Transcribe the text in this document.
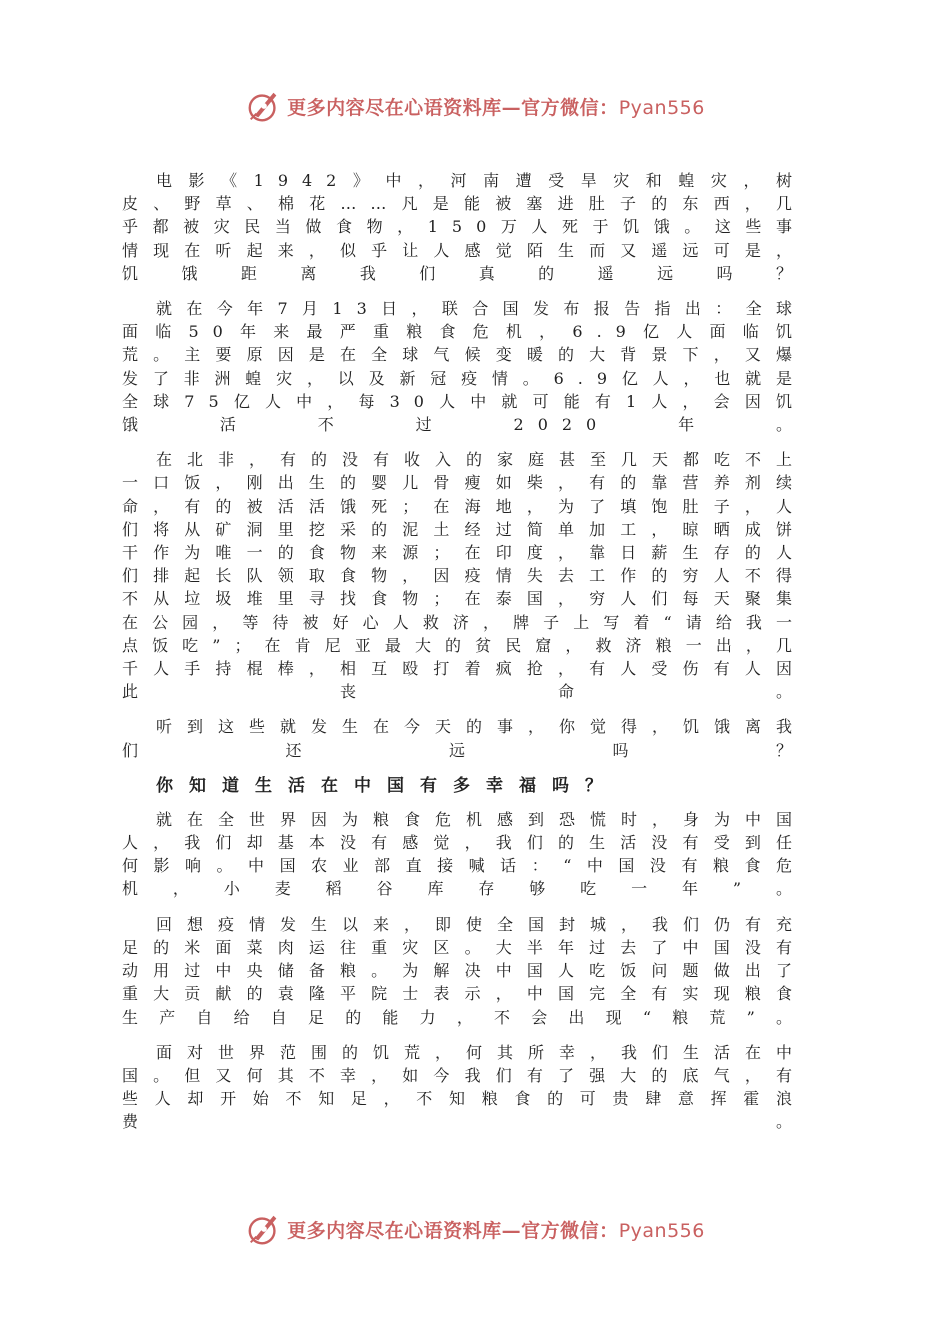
更多内容尽在心语资料库—官方微信：Pyan556

电影《1942》中，河南遭受旱灾和蝗灾，树皮、野草、棉花……凡是能被塞进肚子的东西，几乎都被灾民当做食物，150万人死于饥饿。这些事情现在听起来，似乎让人感觉陌生而又遥远可是，饥饿距离我们真的遥远吗？

就在今年7月13日，联合国发布报告指出：全球面临50年来最严重粮食危机，6.9亿人面临饥荒。主要原因是在全球气候变暖的大背景下，又爆发了非洲蝗灾，以及新冠疫情。6.9亿人，也就是全球75亿人中，每30人中就可能有1人，会因饥饿活不过2020年。

在北非，有的没有收入的家庭甚至几天都吃不上一口饭，刚出生的婴儿骨瘦如柴，有的靠营养剂续命，有的被活活饿死；在海地，为了填饱肚子，人们将从矿洞里挖采的泥土经过简单加工，晾晒成饼干作为唯一的食物来源；在印度，靠日薪生存的人们排起长队领取食物，因疫情失去工作的穷人不得不从垃圾堆里寻找食物；在泰国，穷人们每天聚集在公园，等待被好心人救济，牌子上写着“请给我一点饭吃”；在肯尼亚最大的贫民窟，救济粮一出，几千人手持棍棒，相互殴打着疯抢，有人受伤有人因此丧命。

听到这些就发生在今天的事，你觉得，饥饿离我们还远吗？

你知道生活在中国有多幸福吗？

就在全世界因为粮食危机感到恐慌时，身为中国人，我们却基本没有感觉，我们的生活没有受到任何影响。中国农业部直接喊话：“中国没有粮食危机，小麦稻谷库存够吃一年”。

回想疫情发生以来，即使全国封城，我们仍有充足的米面菜肉运往重灾区。大半年过去了中国没有动用过中央储备粮。为解决中国人吃饭问题做出了重大贡献的袁隆平院士表示，中国完全有实现粮食生产自给自足的能力，不会出现“粮荒”。

面对世界范围的饥荒，何其所幸，我们生活在中国。但又何其不幸，如今我们有了强大的底气，有些人却开始不知足，不知粮食的可贵肆意挥霍浪费。

更多内容尽在心语资料库—官方微信：Pyan556
